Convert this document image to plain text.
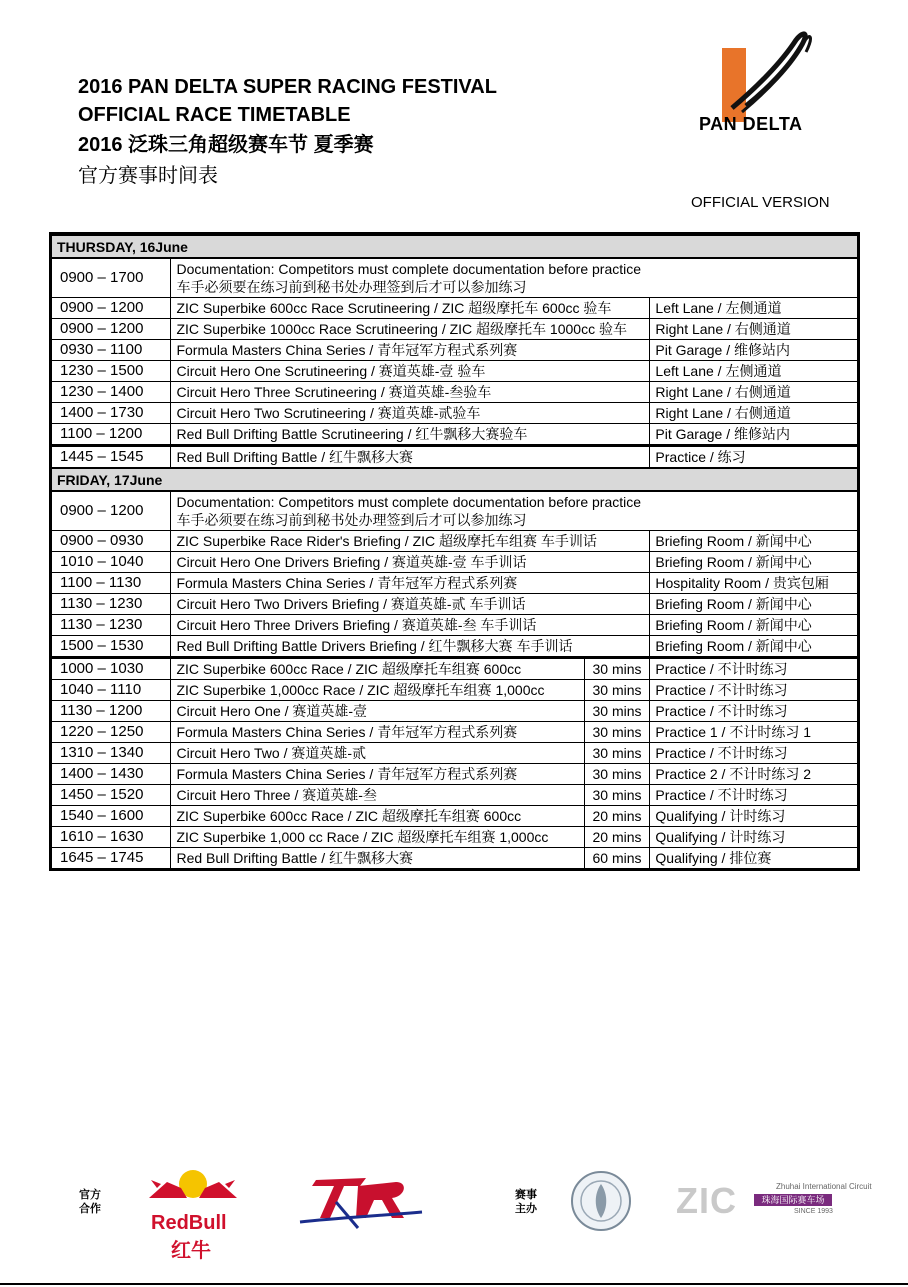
2016 PAN DELTA SUPER RACING FESTIVAL
OFFICIAL RACE TIMETABLE
2016 泛珠三角超级赛车节 夏季赛
官方赛事时间表
PAN DELTA
OFFICIAL VERSION
THURSDAY, 16June			
0900 – 1700	Documentation: Competitors must complete documentation before practice
车手必须要在练习前到秘书处办理签到后才可以参加练习		

0900 – 1200	ZIC Superbike 600cc Race Scrutineering / ZIC 超级摩托车 600cc 验车		Left Lane / 左侧通道
0900 – 1200	ZIC Superbike 1000cc Race Scrutineering / ZIC 超级摩托车 1000cc 验车		Right Lane / 右侧通道
0930 – 1100	Formula Masters China Series / 青年冠军方程式系列赛		Pit Garage / 维修站内
1230 – 1500	Circuit Hero One Scrutineering / 赛道英雄-壹 验车		Left Lane / 左侧通道
1230 – 1400	Circuit Hero Three Scrutineering / 赛道英雄-叁验车		Right Lane / 右侧通道
1400 – 1730	Circuit Hero Two Scrutineering / 赛道英雄-贰验车		Right Lane / 右侧通道
1100 – 1200	Red Bull Drifting Battle Scrutineering / 红牛飘移大赛验车		Pit Garage / 维修站内
1445 – 1545	Red Bull Drifting Battle / 红牛飘移大赛		Practice / 练习
FRIDAY, 17June			
0900 – 1200	Documentation: Competitors must complete documentation before practice
车手必须要在练习前到秘书处办理签到后才可以参加练习		

0900 – 0930	ZIC Superbike Race Rider's Briefing / ZIC 超级摩托车组赛 车手训话		Briefing Room / 新闻中心
1010 – 1040	Circuit Hero One Drivers Briefing / 赛道英雄-壹 车手训话		Briefing Room / 新闻中心
1100 – 1130	Formula Masters China Series / 青年冠军方程式系列赛		Hospitality Room / 贵宾包厢
1130 – 1230	Circuit Hero Two Drivers Briefing / 赛道英雄-贰 车手训话		Briefing Room / 新闻中心
1130 – 1230	Circuit Hero Three Drivers Briefing / 赛道英雄-叁 车手训话		Briefing Room / 新闻中心
1500 – 1530	Red Bull Drifting Battle Drivers Briefing / 红牛飘移大赛 车手训话		Briefing Room / 新闻中心
1000 – 1030	ZIC Superbike 600cc Race / ZIC 超级摩托车组赛 600cc	30 mins	Practice / 不计时练习
1040 – 1110	ZIC Superbike 1,000cc Race / ZIC 超级摩托车组赛 1,000cc	30 mins	Practice / 不计时练习
1130 – 1200	Circuit Hero One / 赛道英雄-壹	30 mins	Practice / 不计时练习
1220 – 1250	Formula Masters China Series / 青年冠军方程式系列赛	30 mins	Practice 1 / 不计时练习 1
1310 – 1340	Circuit Hero Two / 赛道英雄-贰	30 mins	Practice / 不计时练习
1400 – 1430	Formula Masters China Series / 青年冠军方程式系列赛	30 mins	Practice 2 / 不计时练习 2
1450 – 1520	Circuit Hero Three / 赛道英雄-叁	30 mins	Practice / 不计时练习
1540 – 1600	ZIC Superbike 600cc Race / ZIC 超级摩托车组赛 600cc	20 mins	Qualifying / 计时练习
1610 – 1630	ZIC Superbike 1,000 cc Race / ZIC 超级摩托车组赛 1,000cc	20 mins	Qualifying / 计时练习
1645 – 1745	Red Bull Drifting Battle / 红牛飘移大赛	60 mins	Qualifying / 排位赛
官方
合作
RedBull
红牛
赛事
主办	ZIC	Zhuhai International Circuit
珠海国际赛车场
SINCE 1993
